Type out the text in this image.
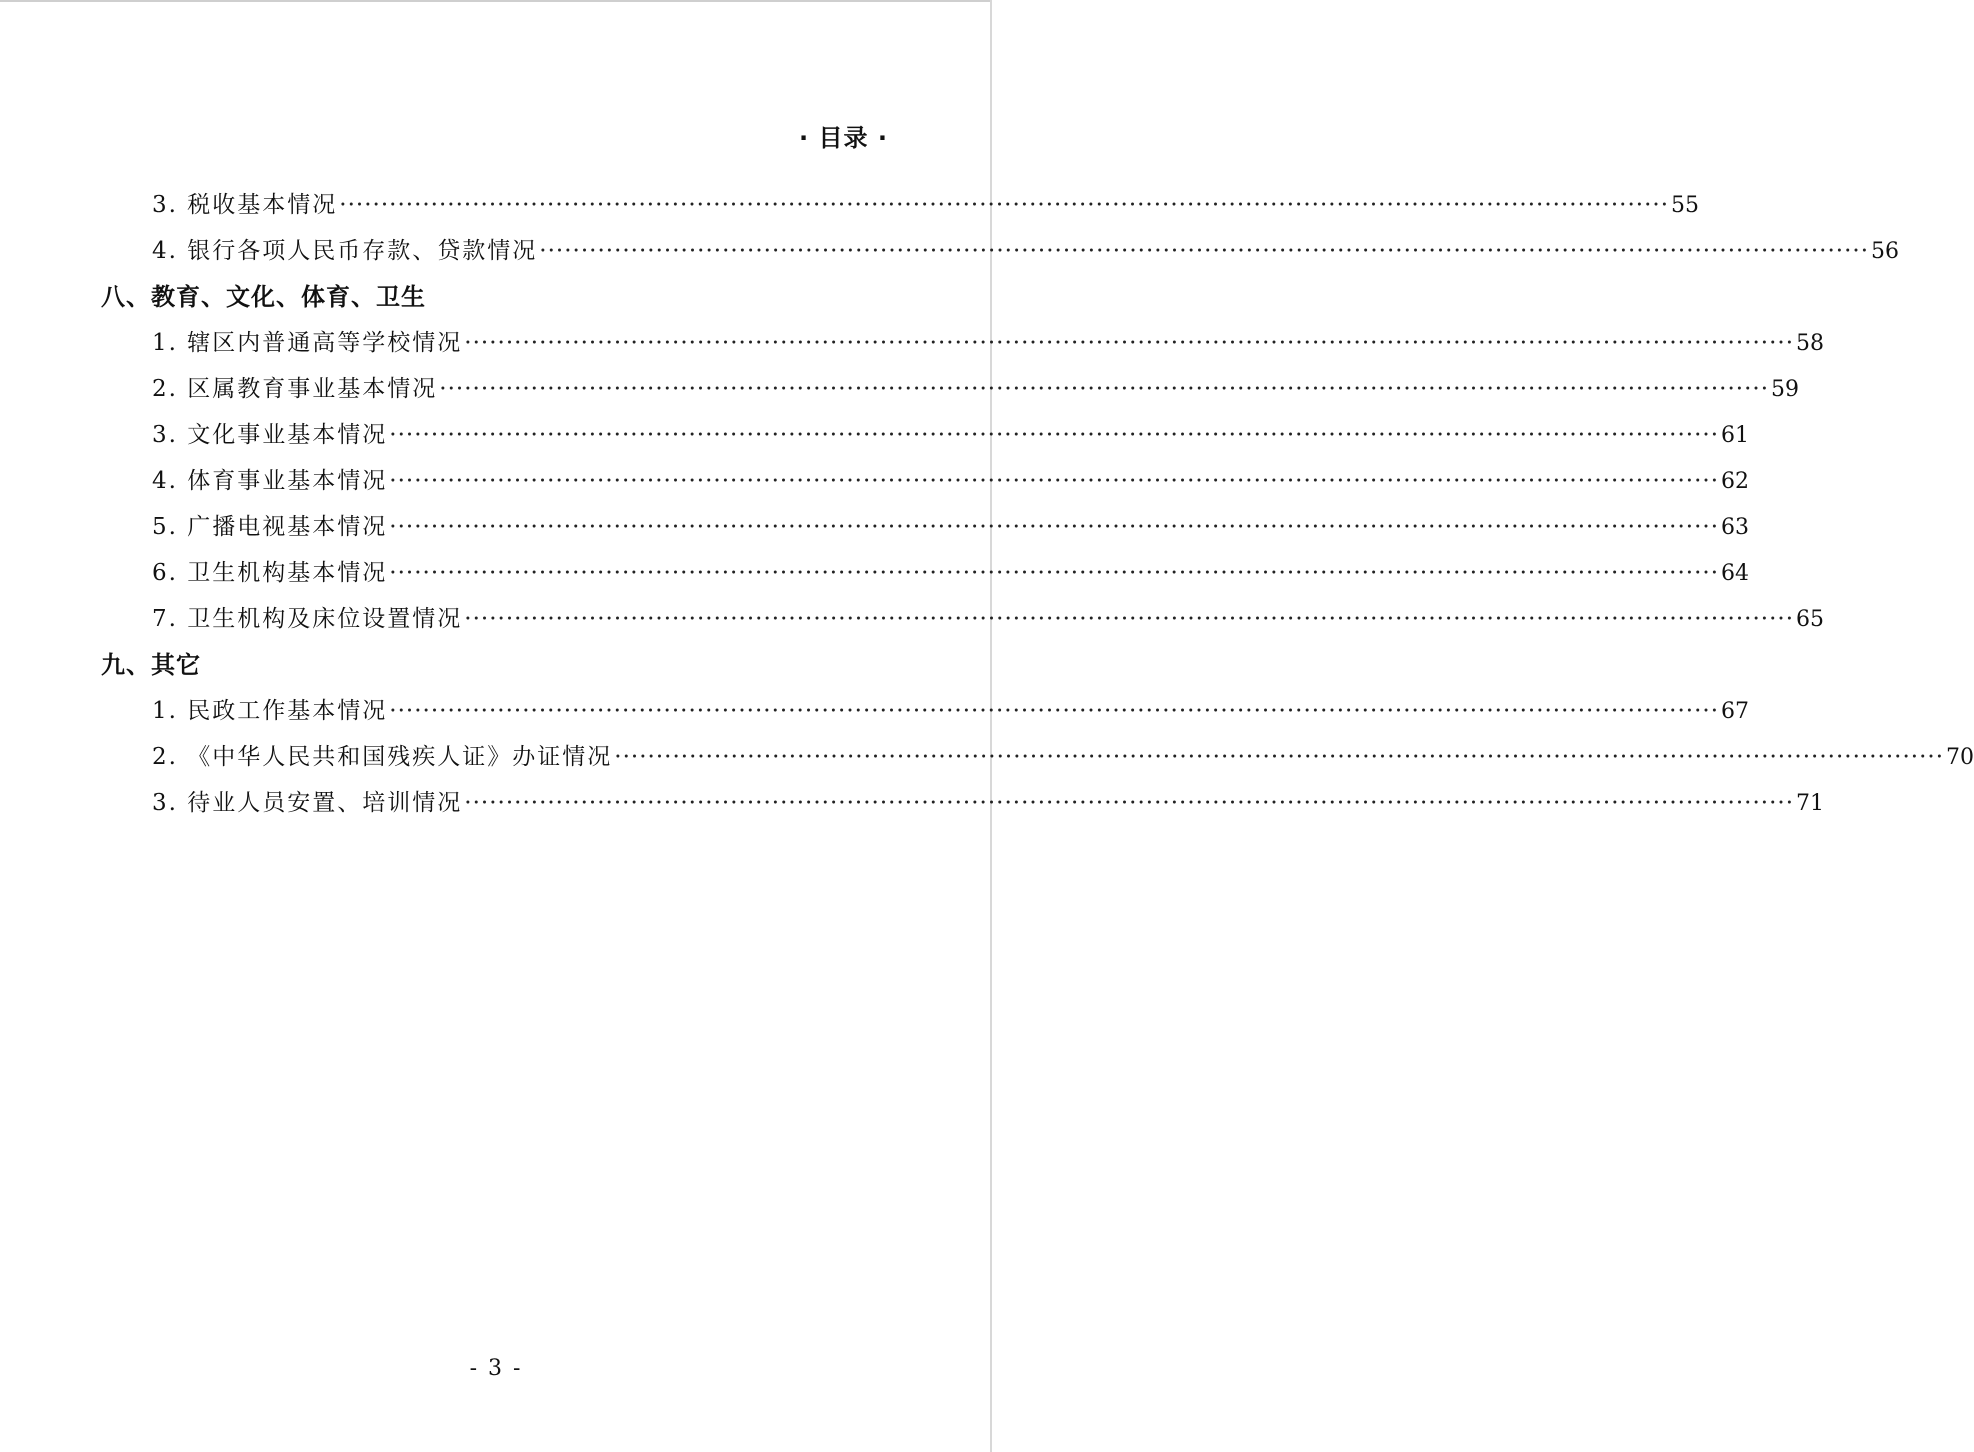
· 目录 ·
3. 税收基本情况 ································································································································································ 55
4. 银行各项人民币存款、贷款情况 ································································································································································ 56
八、教育、文化、体育、卫生
1. 辖区内普通高等学校情况 ································································································································································ 58
2. 区属教育事业基本情况 ································································································································································ 59
3. 文化事业基本情况 ································································································································································ 61
4. 体育事业基本情况 ································································································································································ 62
5. 广播电视基本情况 ································································································································································ 63
6. 卫生机构基本情况 ································································································································································ 64
7. 卫生机构及床位设置情况 ································································································································································ 65
九、其它
1. 民政工作基本情况 ································································································································································ 67
2. 《中华人民共和国残疾人证》办证情况 ································································································································································ 70
3. 待业人员安置、培训情况 ································································································································································ 71
- 3 -
